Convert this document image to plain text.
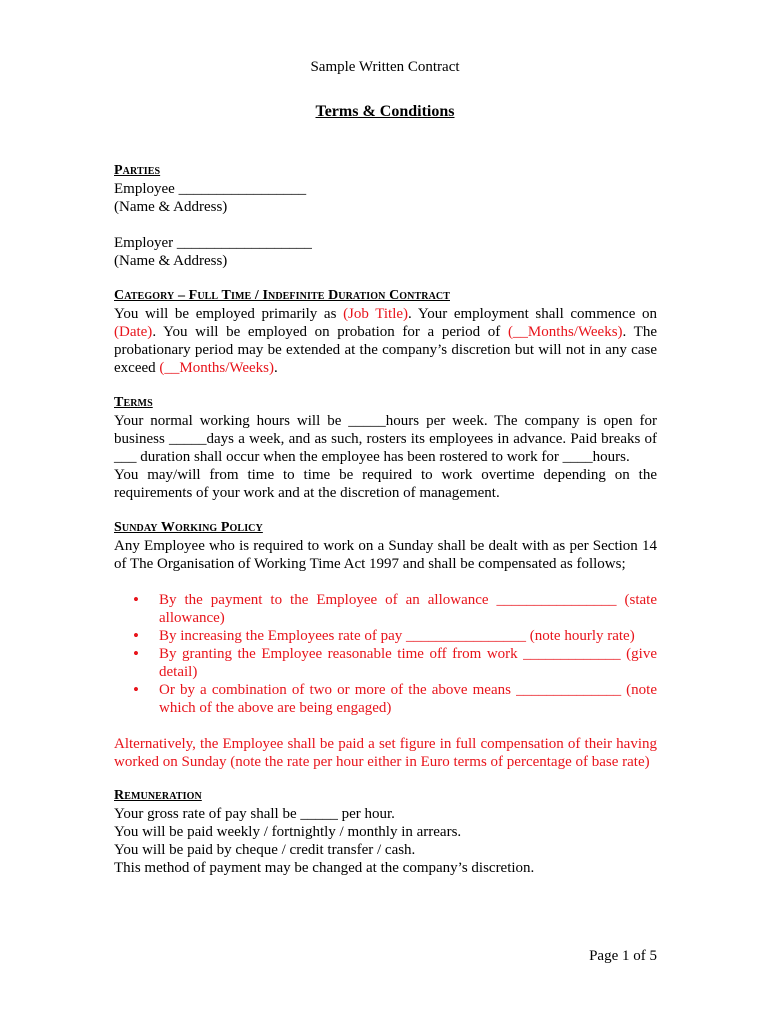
Sample Written Contract
Terms & Conditions
Parties
Employee _________________
(Name & Address)
Employer __________________
(Name & Address)
Category – Full Time / Indefinite Duration Contract
You will be employed primarily as (Job Title). Your employment shall commence on (Date). You will be employed on probation for a period of (__Months/Weeks). The probationary period may be extended at the company’s discretion but will not in any case exceed (__Months/Weeks).
Terms
Your normal working hours will be _____hours per week. The company is open for business _____days a week, and as such, rosters its employees in advance. Paid breaks of ___ duration shall occur when the employee has been rostered to work for ____hours.
You may/will from time to time be required to work overtime depending on the requirements of your work and at the discretion of management.
Sunday Working Policy
Any Employee who is required to work on a Sunday shall be dealt with as per Section 14 of The Organisation of Working Time Act 1997 and shall be compensated as follows;
• By the payment to the Employee of an allowance ________________ (state allowance)
• By increasing the Employees rate of pay ________________ (note hourly rate)
• By granting the Employee reasonable time off from work _____________ (give detail)
• Or by a combination of two or more of the above means ______________ (note which of the above are being engaged)
Alternatively, the Employee shall be paid a set figure in full compensation of their having worked on Sunday (note the rate per hour either in Euro terms of percentage of base rate)
Remuneration
Your gross rate of pay shall be _____ per hour.
You will be paid weekly / fortnightly / monthly in arrears.
You will be paid by cheque / credit transfer / cash.
This method of payment may be changed at the company’s discretion.
Page 1 of 5
